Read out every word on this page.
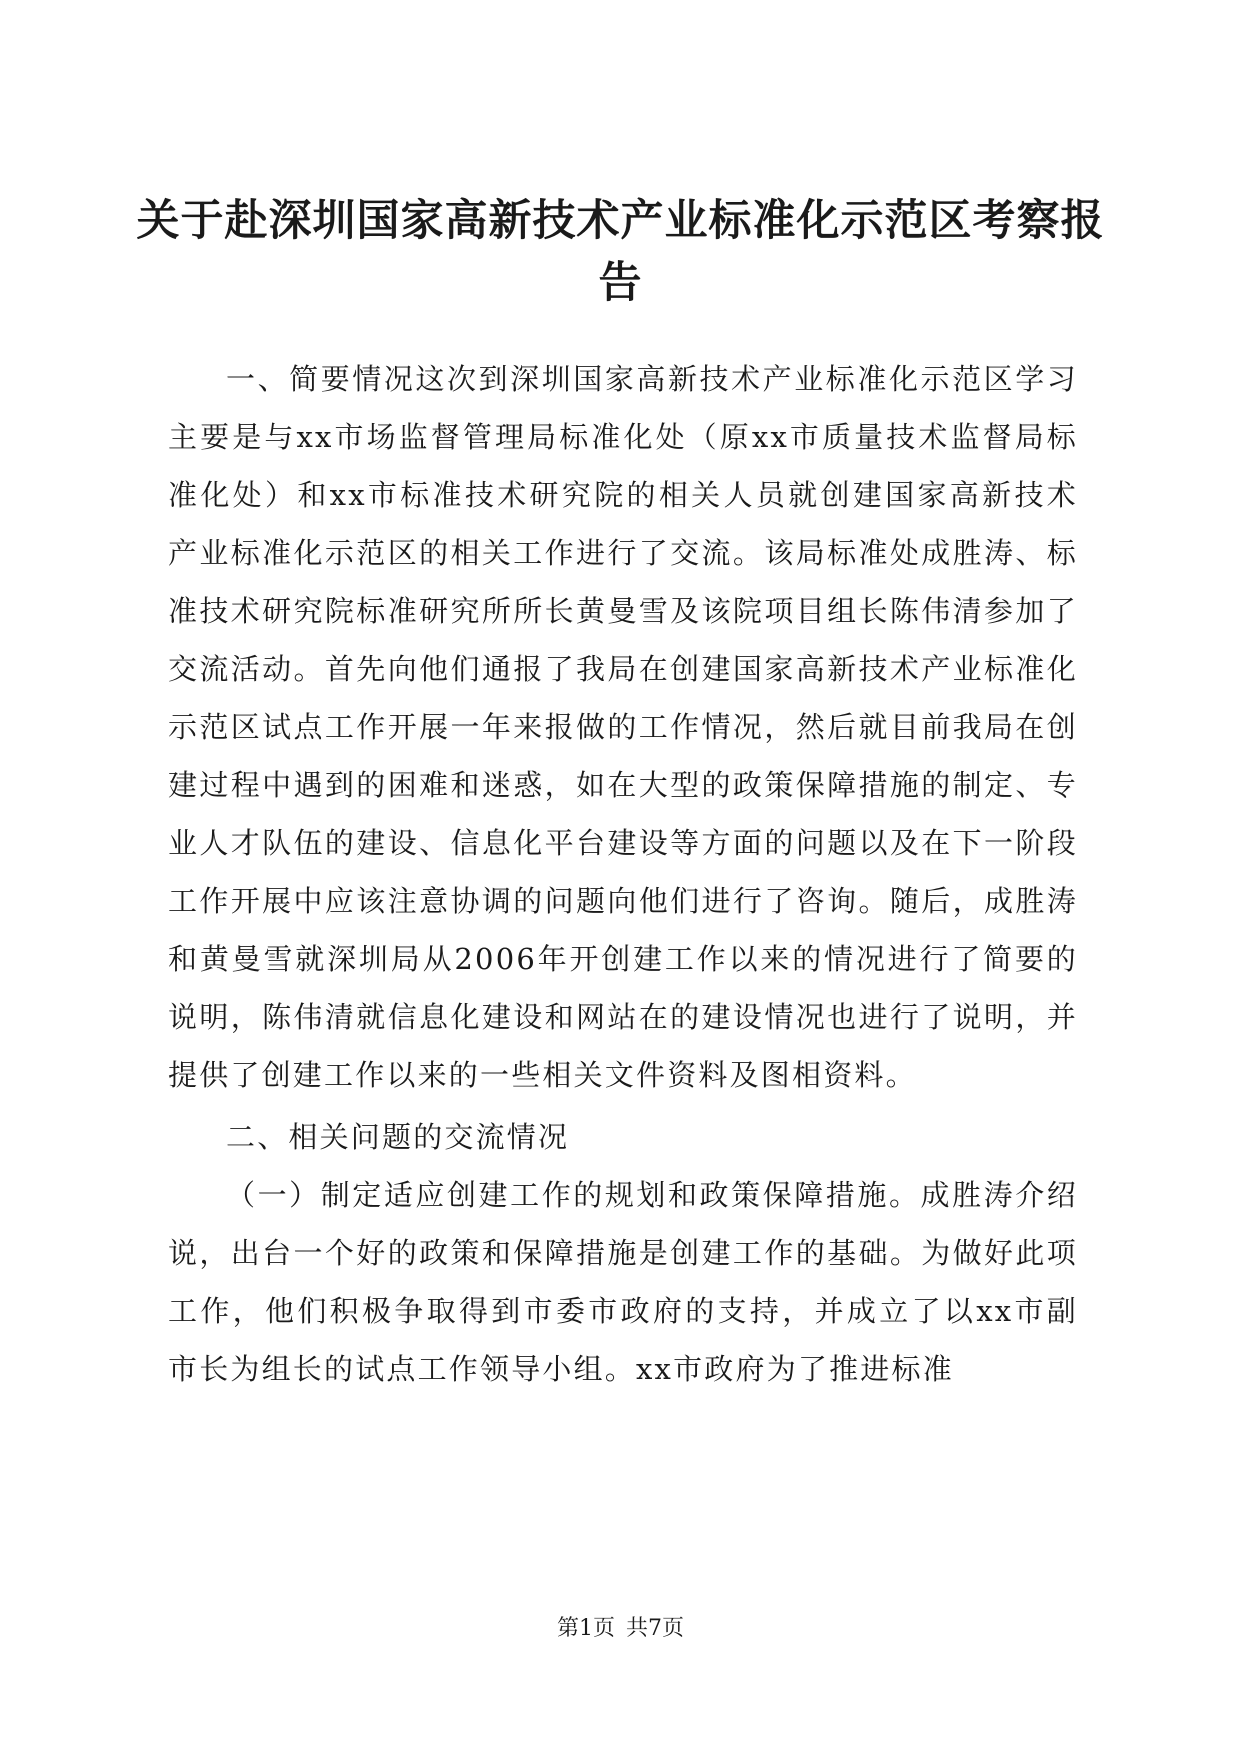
关于赴深圳国家高新技术产业标准化示范区考察报告

一、简要情况这次到深圳国家高新技术产业标准化示范区学习主要是与xx市场监督管理局标准化处（原xx市质量技术监督局标准化处）和xx市标准技术研究院的相关人员就创建国家高新技术产业标准化示范区的相关工作进行了交流。该局标准处成胜涛、标准技术研究院标准研究所所长黄曼雪及该院项目组长陈伟清参加了交流活动。首先向他们通报了我局在创建国家高新技术产业标准化示范区试点工作开展一年来报做的工作情况，然后就目前我局在创建过程中遇到的困难和迷惑，如在大型的政策保障措施的制定、专业人才队伍的建设、信息化平台建设等方面的问题以及在下一阶段工作开展中应该注意协调的问题向他们进行了咨询。随后，成胜涛和黄曼雪就深圳局从2006年开创建工作以来的情况进行了简要的说明，陈伟清就信息化建设和网站在的建设情况也进行了说明，并提供了创建工作以来的一些相关文件资料及图相资料。

二、相关问题的交流情况

（一）制定适应创建工作的规划和政策保障措施。成胜涛介绍说，出台一个好的政策和保障措施是创建工作的基础。为做好此项工作，他们积极争取得到市委市政府的支持，并成立了以xx市副市长为组长的试点工作领导小组。xx市政府为了推进标准

第1页 共7页
